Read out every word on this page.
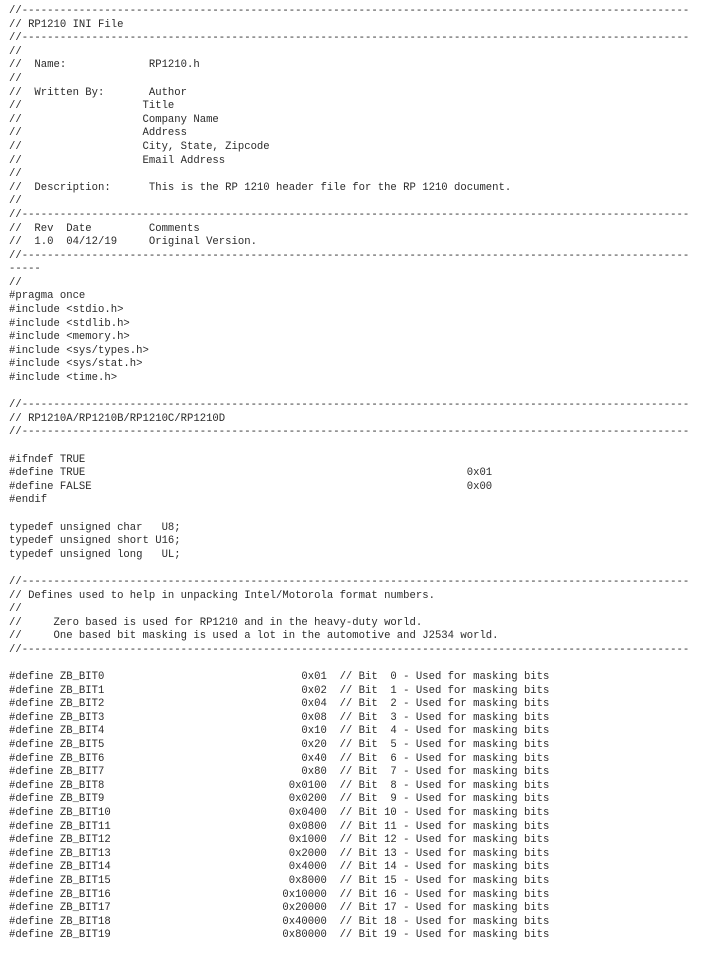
//---------------------------------------------------------------------------------------------------------
// RP1210 INI File
//---------------------------------------------------------------------------------------------------------
//
//  Name:             RP1210.h
//
//  Written By:       Author
//                   Title
//                   Company Name
//                   Address
//                   City, State, Zipcode
//                   Email Address
//
//  Description:      This is the RP 1210 header file for the RP 1210 document.
//
//---------------------------------------------------------------------------------------------------------
//  Rev  Date         Comments
//  1.0  04/12/19     Original Version.
//---------------------------------------------------------------------------------------------------------
-----
//
#pragma once
#include <stdio.h>
#include <stdlib.h>
#include <memory.h>
#include <sys/types.h>
#include <sys/stat.h>
#include <time.h>
//---------------------------------------------------------------------------------------------------------
// RP1210A/RP1210B/RP1210C/RP1210D
//---------------------------------------------------------------------------------------------------------
#ifndef TRUE
#define TRUE                                                            0x01
#define FALSE                                                           0x00
#endif
typedef unsigned char   U8;
typedef unsigned short U16;
typedef unsigned long   UL;
//---------------------------------------------------------------------------------------------------------
// Defines used to help in unpacking Intel/Motorola format numbers.
//
//     Zero based is used for RP1210 and in the heavy-duty world.
//     One based bit masking is used a lot in the automotive and J2534 world.
//---------------------------------------------------------------------------------------------------------
#define ZB_BIT0                               0x01  // Bit  0 - Used for masking bits
#define ZB_BIT1                               0x02  // Bit  1 - Used for masking bits
#define ZB_BIT2                               0x04  // Bit  2 - Used for masking bits
#define ZB_BIT3                               0x08  // Bit  3 - Used for masking bits
#define ZB_BIT4                               0x10  // Bit  4 - Used for masking bits
#define ZB_BIT5                               0x20  // Bit  5 - Used for masking bits
#define ZB_BIT6                               0x40  // Bit  6 - Used for masking bits
#define ZB_BIT7                               0x80  // Bit  7 - Used for masking bits
#define ZB_BIT8                             0x0100  // Bit  8 - Used for masking bits
#define ZB_BIT9                             0x0200  // Bit  9 - Used for masking bits
#define ZB_BIT10                            0x0400  // Bit 10 - Used for masking bits
#define ZB_BIT11                            0x0800  // Bit 11 - Used for masking bits
#define ZB_BIT12                            0x1000  // Bit 12 - Used for masking bits
#define ZB_BIT13                            0x2000  // Bit 13 - Used for masking bits
#define ZB_BIT14                            0x4000  // Bit 14 - Used for masking bits
#define ZB_BIT15                            0x8000  // Bit 15 - Used for masking bits
#define ZB_BIT16                           0x10000  // Bit 16 - Used for masking bits
#define ZB_BIT17                           0x20000  // Bit 17 - Used for masking bits
#define ZB_BIT18                           0x40000  // Bit 18 - Used for masking bits
#define ZB_BIT19                           0x80000  // Bit 19 - Used for masking bits
